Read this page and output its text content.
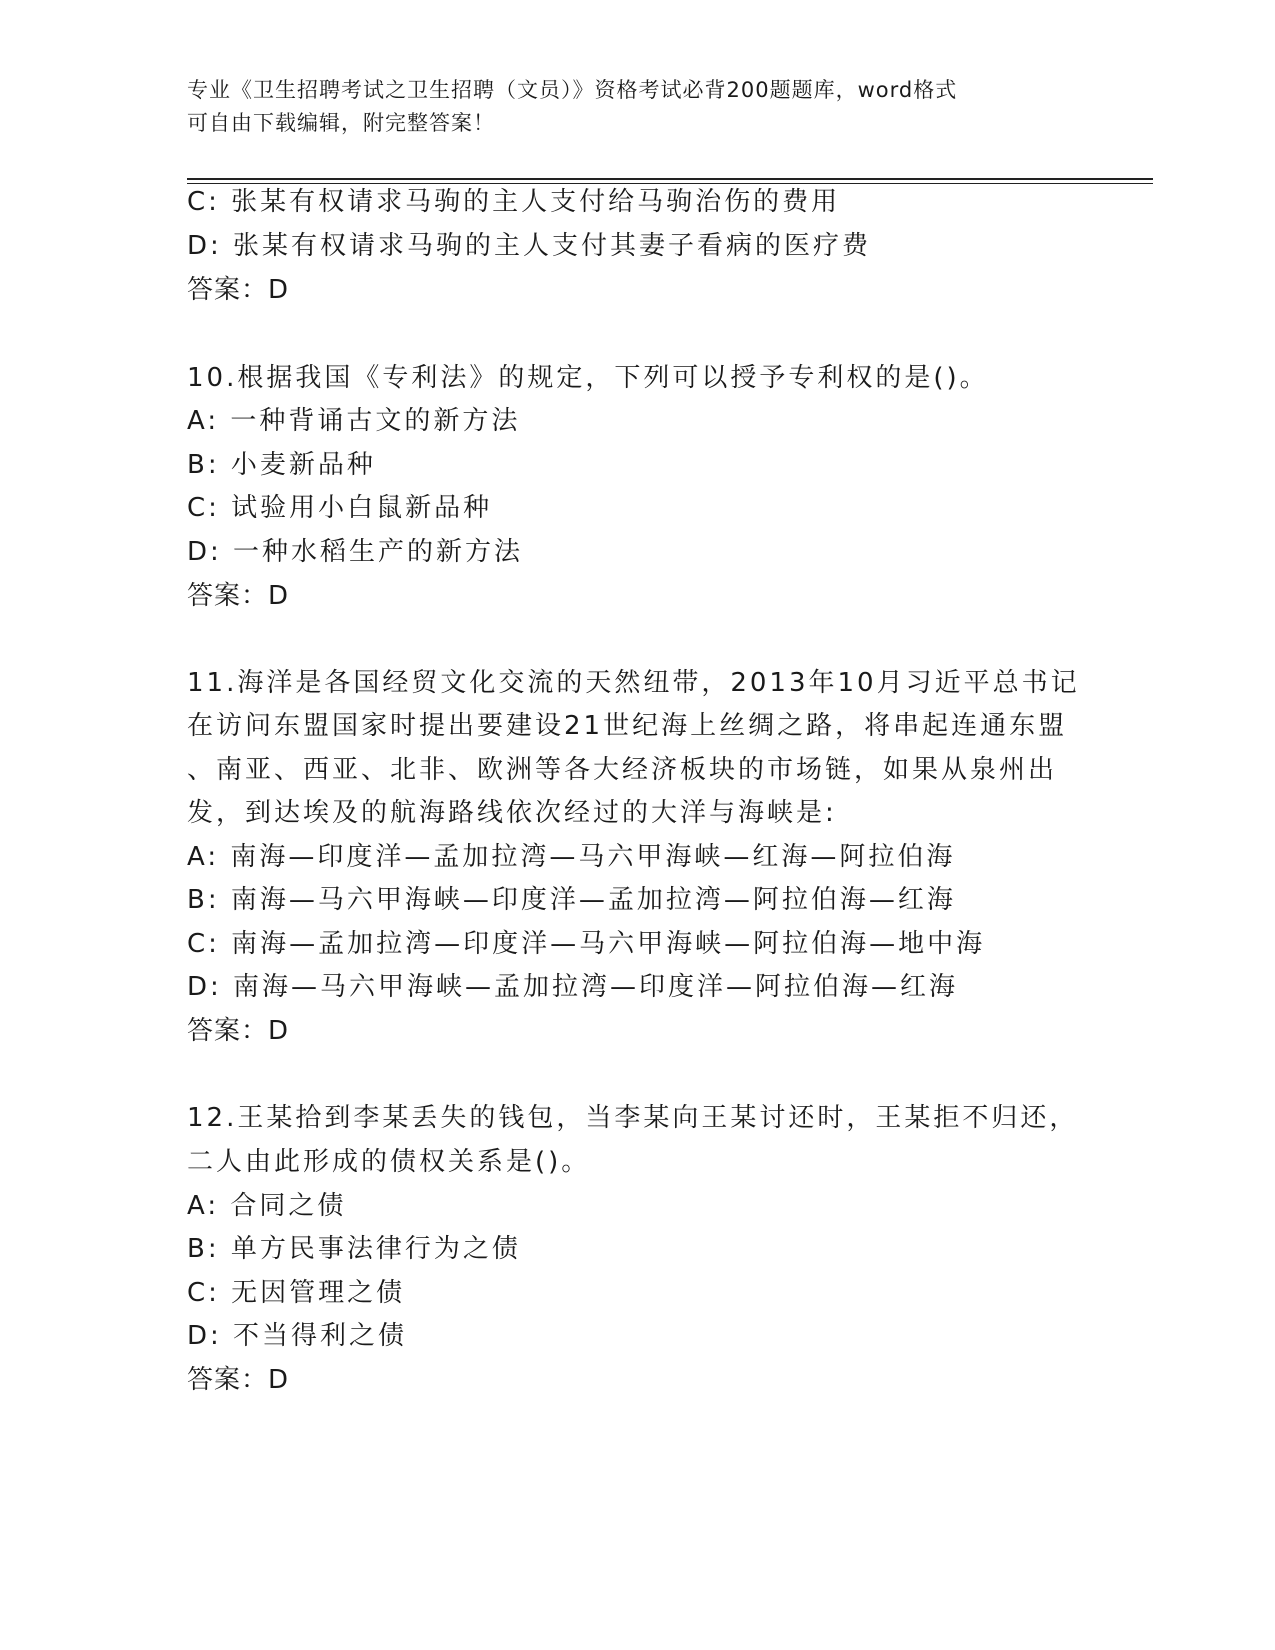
专业《卫生招聘考试之卫生招聘（文员）》资格考试必背200题题库，word格式
可自由下载编辑，附完整答案！
C: 张某有权请求马驹的主人支付给马驹治伤的费用
D: 张某有权请求马驹的主人支付其妻子看病的医疗费
答案：D
10.根据我国《专利法》的规定，下列可以授予专利权的是()。
A: 一种背诵古文的新方法
B: 小麦新品种
C: 试验用小白鼠新品种
D: 一种水稻生产的新方法
答案：D
11.海洋是各国经贸文化交流的天然纽带，2013年10月习近平总书记
在访问东盟国家时提出要建设21世纪海上丝绸之路，将串起连通东盟
、南亚、西亚、北非、欧洲等各大经济板块的市场链，如果从泉州出
发，到达埃及的航海路线依次经过的大洋与海峡是:
A: 南海—印度洋—孟加拉湾—马六甲海峡—红海—阿拉伯海
B: 南海—马六甲海峡—印度洋—孟加拉湾—阿拉伯海—红海
C: 南海—孟加拉湾—印度洋—马六甲海峡—阿拉伯海—地中海
D: 南海—马六甲海峡—孟加拉湾—印度洋—阿拉伯海—红海
答案：D
12.王某拾到李某丢失的钱包，当李某向王某讨还时，王某拒不归还，
二人由此形成的债权关系是()。
A: 合同之债
B: 单方民事法律行为之债
C: 无因管理之债
D: 不当得利之债
答案：D
